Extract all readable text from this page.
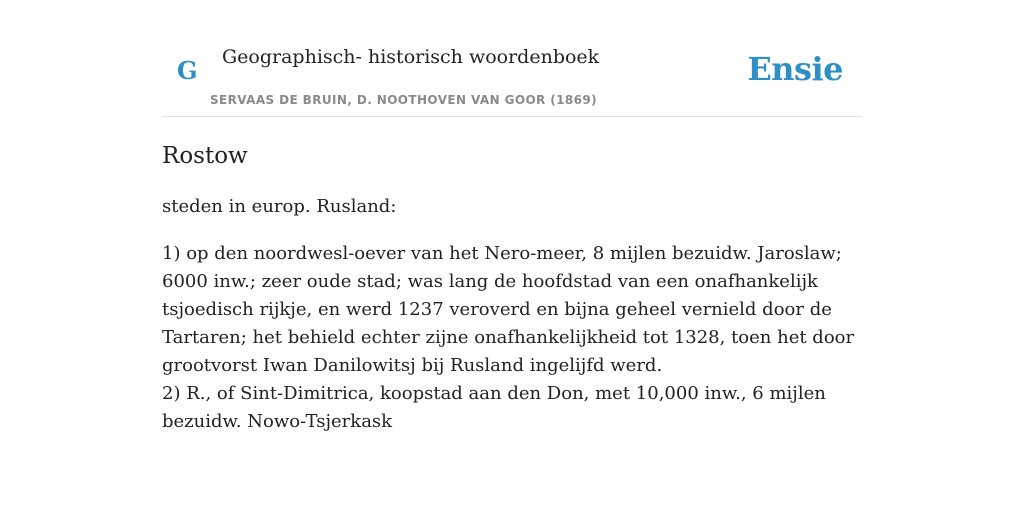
G Geographisch- historisch woordenboek
SERVAAS DE BRUIN, D. NOOTHOVEN VAN GOOR (1869)
Ensie
Rostow

steden in europ. Rusland:

1) op den noordwesl-oever van het Nero-meer, 8 mijlen bezuidw. Jaroslaw; 6000 inw.; zeer oude stad; was lang de hoofdstad van een onafhankelijk tsjoedisch rijkje, en werd 1237 veroverd en bijna geheel vernield door de Tartaren; het behield echter zijne onafhankelijkheid tot 1328, toen het door grootvorst Iwan Danilowitsj bij Rusland ingelijfd werd.

2) R., of Sint-Dimitrica, koopstad aan den Don, met 10,000 inw., 6 mijlen bezuidw. Nowo-Tsjerkask
